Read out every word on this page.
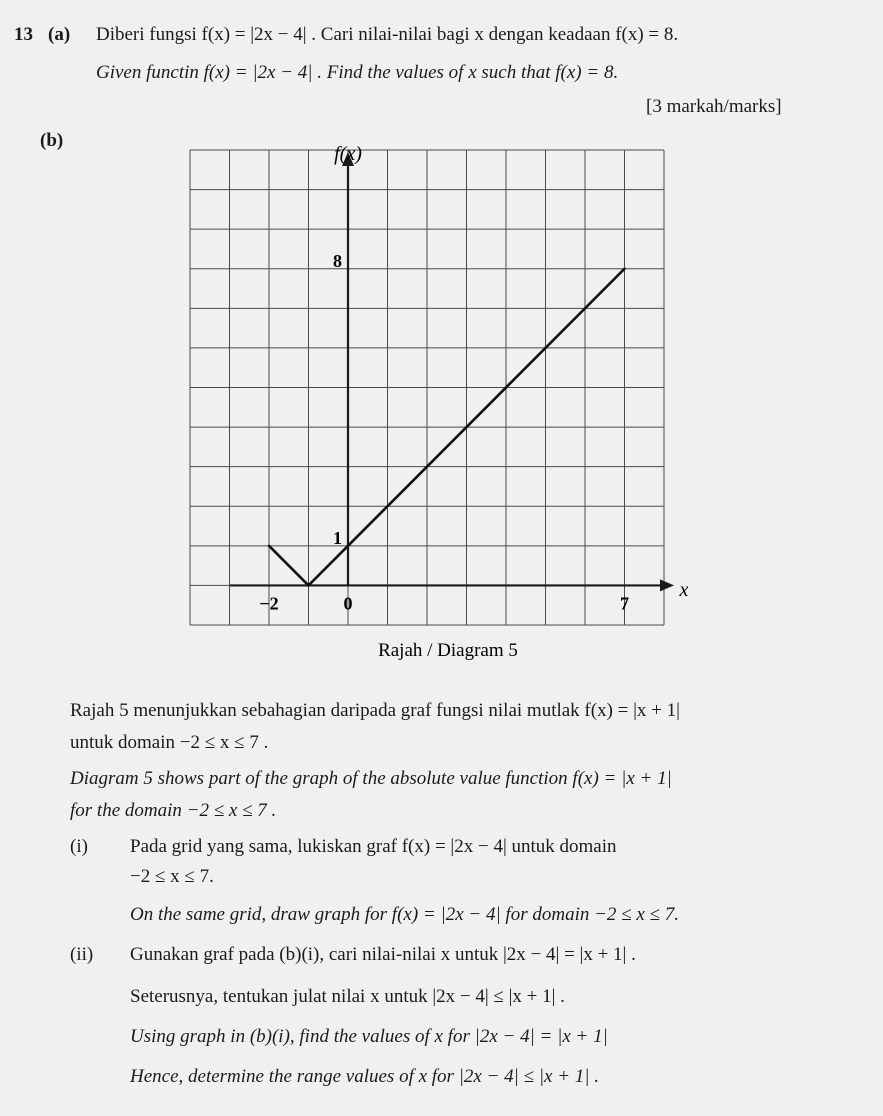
13 (a) Diberi fungsi f(x) = |2x − 4| . Cari nilai-nilai bagi x dengan keadaan f(x) = 8.
Given functin f(x) = |2x − 4| . Find the values of x such that f(x) = 8.
[3 markah/marks]
(b)
−2	0	7
1
8
f(x)
x
Rajah / Diagram 5
Rajah 5 menunjukkan sebahagian daripada graf fungsi nilai mutlak f(x) = |x + 1|
untuk domain −2 ≤ x ≤ 7 .
Diagram 5 shows part of the graph of the absolute value function f(x) = |x + 1|
for the domain −2 ≤ x ≤ 7 .
(i) Pada grid yang sama, lukiskan graf f(x) = |2x − 4| untuk domain
−2 ≤ x ≤ 7.
On the same grid, draw graph for f(x) = |2x − 4| for domain −2 ≤ x ≤ 7.
(ii) Gunakan graf pada (b)(i), cari nilai-nilai x untuk |2x − 4| = |x + 1| .
Seterusnya, tentukan julat nilai x untuk |2x − 4| ≤ |x + 1| .
Using graph in (b)(i), find the values of x for |2x − 4| = |x + 1|
Hence, determine the range values of x for |2x − 4| ≤ |x + 1| .
